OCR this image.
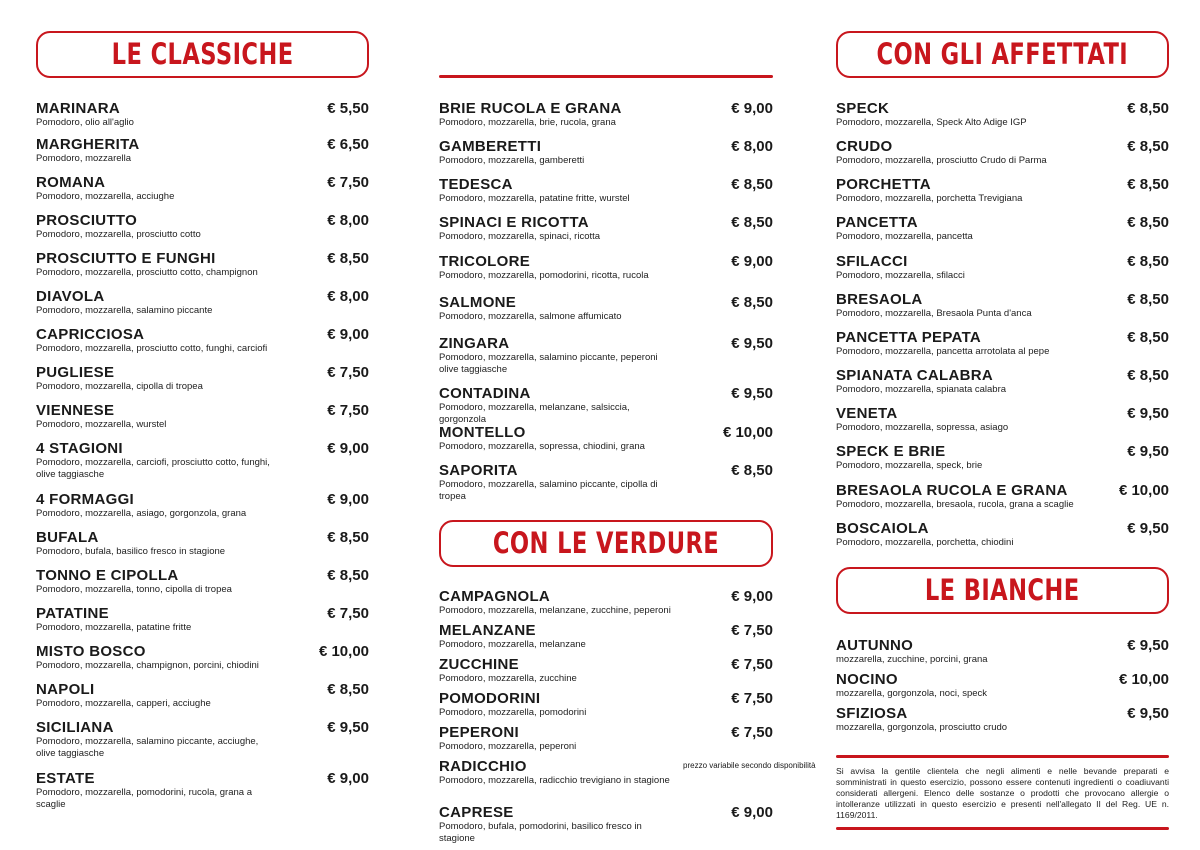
LE CLASSICHE
MARINARA
Pomodoro, olio all'aglio
€ 5,50
MARGHERITA
Pomodoro, mozzarella
€ 6,50
ROMANA
Pomodoro, mozzarella, acciughe
€ 7,50
PROSCIUTTO
Pomodoro, mozzarella, prosciutto cotto
€ 8,00
PROSCIUTTO E FUNGHI
Pomodoro, mozzarella, prosciutto cotto, champignon
€ 8,50
DIAVOLA
Pomodoro, mozzarella, salamino piccante
€ 8,00
CAPRICCIOSA
Pomodoro, mozzarella, prosciutto cotto, funghi, carciofi
€ 9,00
PUGLIESE
Pomodoro, mozzarella, cipolla di tropea
€ 7,50
VIENNESE
Pomodoro, mozzarella, wurstel
€ 7,50
4 STAGIONI
Pomodoro, mozzarella, carciofi, prosciutto cotto, funghi, olive taggiasche
€ 9,00
4 FORMAGGI
Pomodoro, mozzarella, asiago, gorgonzola, grana
€ 9,00
BUFALA
Pomodoro, bufala, basilico fresco in stagione
€ 8,50
TONNO E CIPOLLA
Pomodoro, mozzarella, tonno, cipolla di tropea
€ 8,50
PATATINE
Pomodoro, mozzarella, patatine fritte
€ 7,50
MISTO BOSCO
Pomodoro, mozzarella, champignon, porcini, chiodini
€ 10,00
NAPOLI
Pomodoro, mozzarella, capperi, acciughe
€ 8,50
SICILIANA
Pomodoro, mozzarella, salamino piccante, acciughe, olive taggiasche
€ 9,50
ESTATE
Pomodoro, mozzarella, pomodorini, rucola, grana a scaglie
€ 9,00
BRIE RUCOLA E GRANA
Pomodoro, mozzarella, brie, rucola, grana
€ 9,00
GAMBERETTI
Pomodoro, mozzarella, gamberetti
€ 8,00
TEDESCA
Pomodoro, mozzarella, patatine fritte, wurstel
€ 8,50
SPINACI E RICOTTA
Pomodoro, mozzarella, spinaci, ricotta
€ 8,50
TRICOLORE
Pomodoro, mozzarella, pomodorini, ricotta, rucola
€ 9,00
SALMONE
Pomodoro, mozzarella, salmone affumicato
€ 8,50
ZINGARA
Pomodoro, mozzarella, salamino piccante, peperoni olive taggiasche
€ 9,50
CONTADINA
Pomodoro, mozzarella, melanzane, salsiccia, gorgonzola
€ 9,50
MONTELLO
Pomodoro, mozzarella, sopressa, chiodini, grana
€ 10,00
SAPORITA
Pomodoro, mozzarella, salamino piccante, cipolla di tropea
€ 8,50
CON LE VERDURE
CAMPAGNOLA
Pomodoro, mozzarella, melanzane, zucchine, peperoni
€ 9,00
MELANZANE
Pomodoro, mozzarella, melanzane
€ 7,50
ZUCCHINE
Pomodoro, mozzarella, zucchine
€ 7,50
POMODORINI
Pomodoro, mozzarella, pomodorini
€ 7,50
PEPERONI
Pomodoro, mozzarella, peperoni
€ 7,50
RADICCHIO
Pomodoro, mozzarella, radicchio trevigiano in stagione
prezzo variabile secondo disponibilità
CAPRESE
Pomodoro, bufala, pomodorini, basilico fresco in stagione
€ 9,00
CON GLI AFFETTATI
SPECK
Pomodoro, mozzarella, Speck Alto Adige IGP
€ 8,50
CRUDO
Pomodoro, mozzarella, prosciutto Crudo di Parma
€ 8,50
PORCHETTA
Pomodoro, mozzarella, porchetta Trevigiana
€ 8,50
PANCETTA
Pomodoro, mozzarella, pancetta
€ 8,50
SFILACCI
Pomodoro, mozzarella, sfilacci
€ 8,50
BRESAOLA
Pomodoro, mozzarella, Bresaola Punta d'anca
€ 8,50
PANCETTA PEPATA
Pomodoro, mozzarella, pancetta arrotolata al pepe
€ 8,50
SPIANATA CALABRA
Pomodoro, mozzarella, spianata calabra
€ 8,50
VENETA
Pomodoro, mozzarella, sopressa, asiago
€ 9,50
SPECK E BRIE
Pomodoro, mozzarella, speck, brie
€ 9,50
BRESAOLA RUCOLA E GRANA
Pomodoro, mozzarella, bresaola, rucola, grana a scaglie
€ 10,00
BOSCAIOLA
Pomodoro, mozzarella, porchetta, chiodini
€ 9,50
LE BIANCHE
AUTUNNO
mozzarella, zucchine, porcini, grana
€ 9,50
NOCINO
mozzarella, gorgonzola, noci, speck
€ 10,00
SFIZIOSA
mozzarella, gorgonzola, prosciutto crudo
€ 9,50
Si avvisa la gentile clientela che negli alimenti e nelle bevande preparati e somministrati in questo esercizio, possono essere contenuti ingredienti o coadiuvanti considerati allergeni. Elenco delle sostanze o prodotti che provocano allergie o intolleranze utilizzati in questo esercizio e presenti nell'allegato II del Reg. UE n. 1169/2011.
